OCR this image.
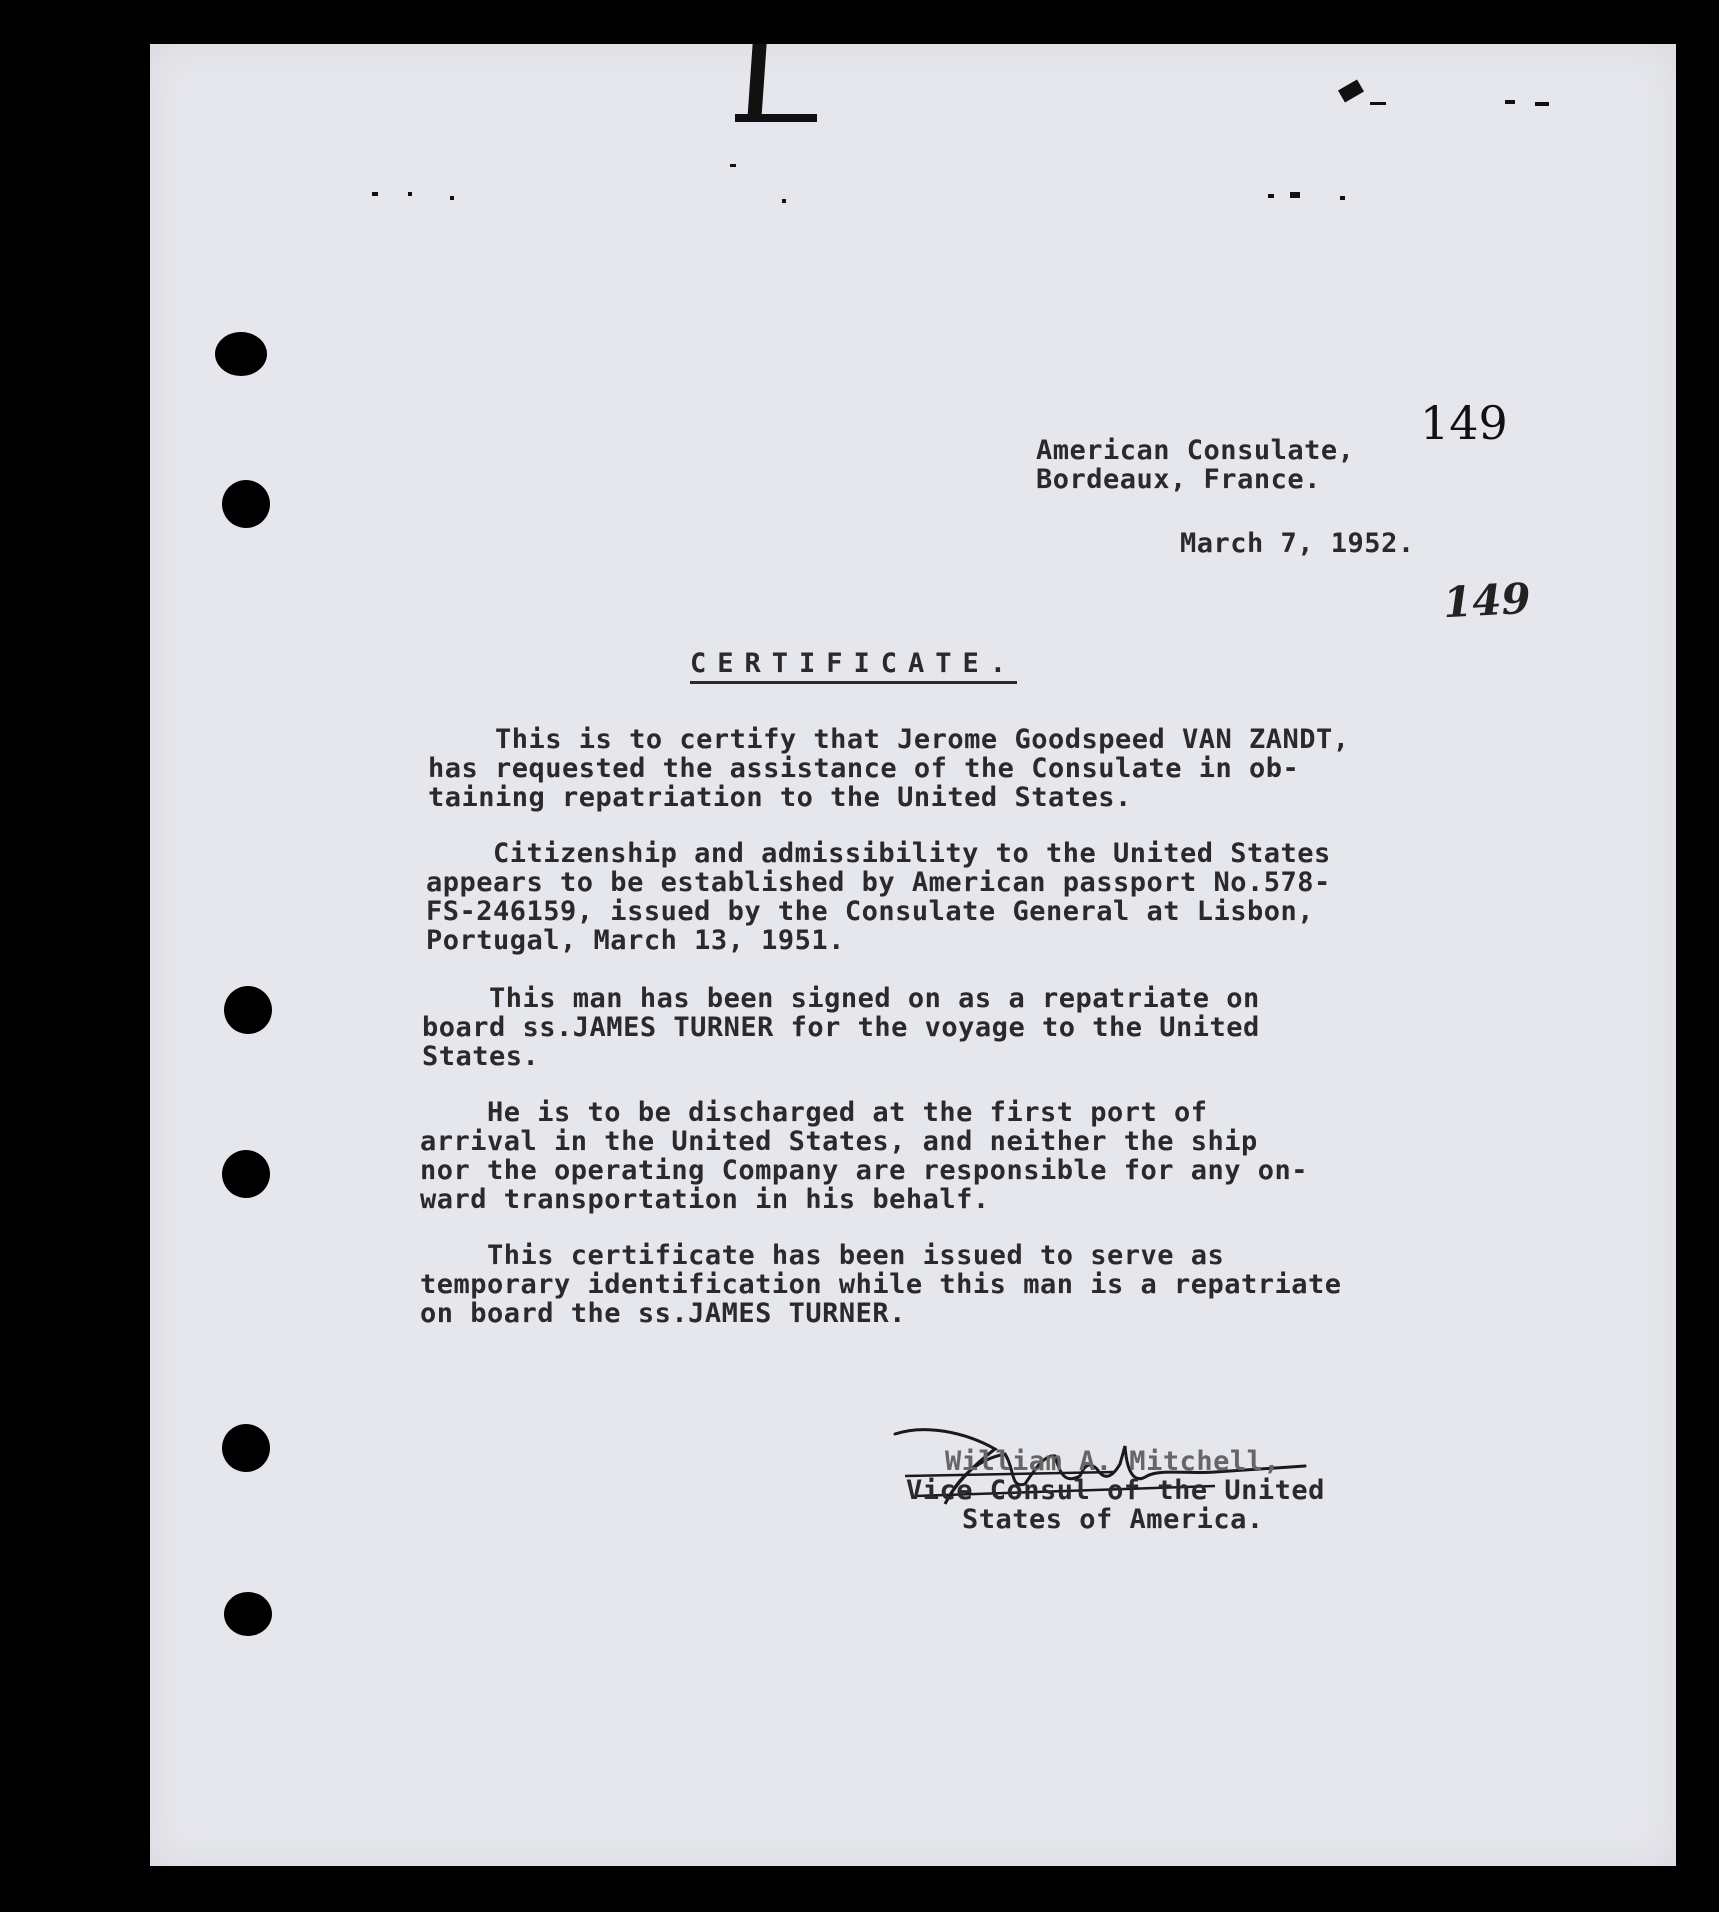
149
American Consulate,
Bordeaux, France.
March 7, 1952.
149
CERTIFICATE.
This is to certify that Jerome Goodspeed VAN ZANDT,
has requested the assistance of the Consulate in ob-
taining repatriation to the United States.
Citizenship and admissibility to the United States
appears to be established by American passport No.578-
FS-246159, issued by the Consulate General at Lisbon,
Portugal, March 13, 1951.
This man has been signed on as a repatriate on
board ss.JAMES TURNER for the voyage to the United
States.
He is to be discharged at the first port of
arrival in the United States, and neither the ship
nor the operating Company are responsible for any on-
ward transportation in his behalf.
This certificate has been issued to serve as
temporary identification while this man is a repatriate
on board the ss.JAMES TURNER.
William A. Mitchell,
Vice Consul of the United
States of America.
